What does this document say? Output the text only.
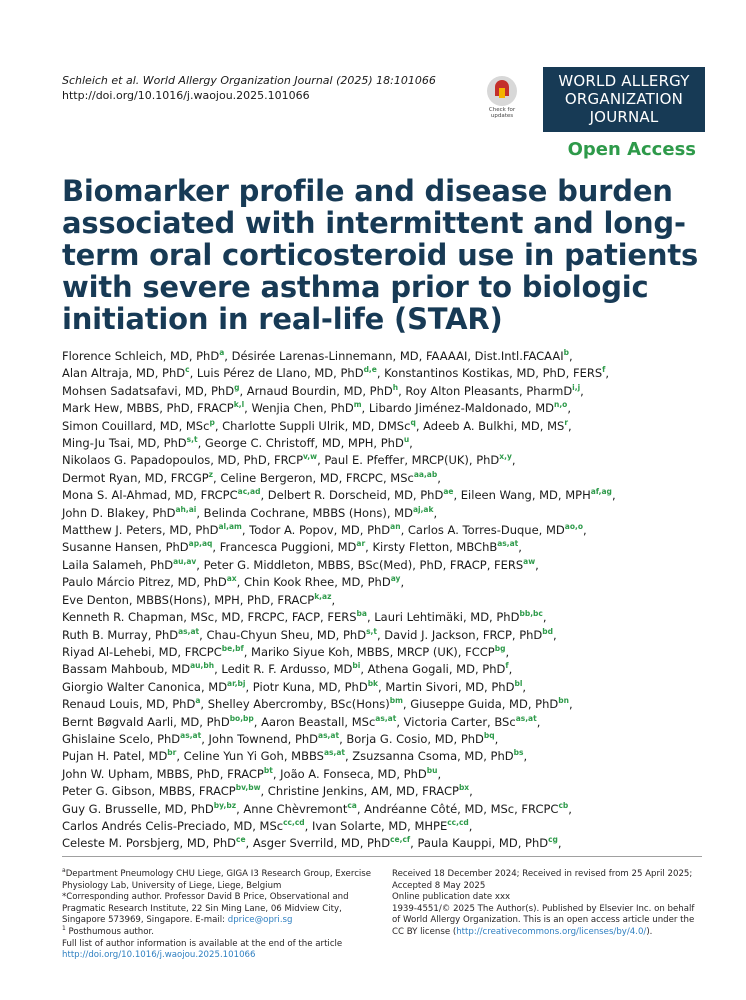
Schleich et al. World Allergy Organization Journal (2025) 18:101066
http://doi.org/10.1016/j.waojou.2025.101066
Check for updates
WORLD ALLERGY
ORGANIZATION
JOURNAL
Open Access
Biomarker profile and disease burden associated with intermittent and long-term oral corticosteroid use in patients with severe asthma prior to biologic initiation in real-life (STAR)
Florence Schleich, MD, PhD$^a$, Désirée Larenas-Linnemann, MD, FAAAAI, Dist.Intl.FACAAI$^b$,
Alan Altraja, MD, PhD$^c$, Luis Pérez de Llano, MD, PhD$^{d,e}$, Konstantinos Kostikas, MD, PhD, FERS$^f$,
Mohsen Sadatsafavi, MD, PhD$^g$, Arnaud Bourdin, MD, PhD$^h$, Roy Alton Pleasants, PharmD$^{i,j}$,
Mark Hew, MBBS, PhD, FRACP$^{k,l}$, Wenjia Chen, PhD$^m$, Libardo Jiménez-Maldonado, MD$^{n,o}$,
Simon Couillard, MD, MSc$^p$, Charlotte Suppli Ulrik, MD, DMSc$^q$, Adeeb A. Bulkhi, MD, $MS^r$,
Ming-Ju Tsai, MD, PhD$^{s,t}$, George C. Christoff, MD, MPH, PhD$^u$,
Nikolaos G. Papadopoulos, MD, PhD, FRCP$^{v,w}$, Paul E. Pfeffer, MRCP(UK), PhD$^{x,y}$,
Dermot Ryan, MD, FRCGP$^z$, Celine Bergeron, MD, FRCPC, MSc$^{aa,ab}$,
Mona S. Al-Ahmad, MD, $FRCPC^{ac,ad}$, Delbert R. Dorscheid, MD, PhD$^{ae}$, Eileen Wang, MD, $MPH^{af,ag}$,
John D. Blakey, PhD$^{ah,ai}$, Belinda Cochrane, MBBS (Hons), $MD^{aj,ak}$,
Matthew J. Peters, MD, PhD$^{al,am}$, Todor A. Popov, MD, PhD$^{an}$, Carlos A. Torres-Duque, $MD^{ao,o}$,
Susanne Hansen, PhD$^{ap,aq}$, Francesca Puggioni, $MD^{ar}$, Kirsty Fletton, MBChB$^{as,at}$,
Laila Salameh, PhD$^{au,av}$, Peter G. Middleton, MBBS, BSc(Med), PhD, FRACP, $FERS^{aw}$,
Paulo Márcio Pitrez, MD, PhD$^{ax}$, Chin Kook Rhee, MD, PhD$^{ay}$,
Eve Denton, MBBS(Hons), MPH, PhD, $FRACP^{k,az}$,
Kenneth R. Chapman, MSc, MD, FRCPC, FACP, $FERS^{ba}$, Lauri Lehtimäki, MD, PhD$^{bb,bc}$,
Ruth B. Murray, PhD$^{as,at}$, Chau-Chyun Sheu, MD, PhD$^{s,t}$, David J. Jackson, FRCP, PhD$^{bd}$,
Riyad Al-Lehebi, MD, $FRCPC^{be,bf}$, Mariko Siyue Koh, MBBS, MRCP (UK), $FCCP^{bg}$,
Bassam Mahboub, $MD^{au,bh}$, Ledit R. F. Ardusso, $MD^{bi}$, Athena Gogali, MD, PhD$^f$,
Giorgio Walter Canonica, $MD^{ar,bj}$, Piotr Kuna, MD, PhD$^{bk}$, Martin Sivori, MD, PhD$^{bl}$,
Renaud Louis, MD, PhD$^a$, Shelley Abercromby, BSc(Hons)$^{bm}$, Giuseppe Guida, MD, PhD$^{bn}$,
Bernt Bøgvald Aarli, MD, PhD$^{bo,bp}$, Aaron Beastall, MSc$^{as,at}$, Victoria Carter, BSc$^{as,at}$,
Ghislaine Scelo, PhD$^{as,at}$, John Townend, PhD$^{as,at}$, Borja G. Cosio, MD, PhD$^{bq}$,
Pujan H. Patel, $MD^{br}$, Celine Yun Yi Goh, $MBBS^{as,at}$, Zsuzsanna Csoma, MD, PhD$^{bs}$,
John W. Upham, MBBS, PhD, $FRACP^{bt}$, João A. Fonseca, MD, PhD$^{bu}$,
Peter G. Gibson, MBBS, $FRACP^{bv,bw}$, Christine Jenkins, AM, MD, $FRACP^{bx}$,
Guy G. Brusselle, MD, PhD$^{by,bz}$, Anne Chèvremont$^{ca}$, Andréanne Côté, MD, MSc, $FRCPC^{cb}$,
Carlos Andrés Celis-Preciado, MD, MSc$^{cc,cd}$, Ivan Solarte, MD, $MHPE^{cc,cd}$,
Celeste M. Porsbjerg, MD, PhD$^{ce}$, Asger Sverrild, MD, PhD$^{ce,cf}$, Paula Kauppi, MD, PhD$^{cg}$,
$^a$Department Pneumology CHU Liege, GIGA I3 Research Group, Exercise Physiology Lab, University of Liege, Liege, Belgium
*Corresponding author. Professor David B Price, Observational and Pragmatic Research Institute, 22 Sin Ming Lane, 06 Midview City, Singapore 573969, Singapore. E-mail: dprice@opri.sg
$^1$ Posthumous author.
Full list of author information is available at the end of the article
http://doi.org/10.1016/j.waojou.2025.101066
Received 18 December 2024; Received in revised from 25 April 2025; Accepted 8 May 2025
Online publication date xxx
1939-4551/© 2025 The Author(s). Published by Elsevier Inc. on behalf of World Allergy Organization. This is an open access article under the CC BY license (http://creativecommons.org/licenses/by/4.0/).
